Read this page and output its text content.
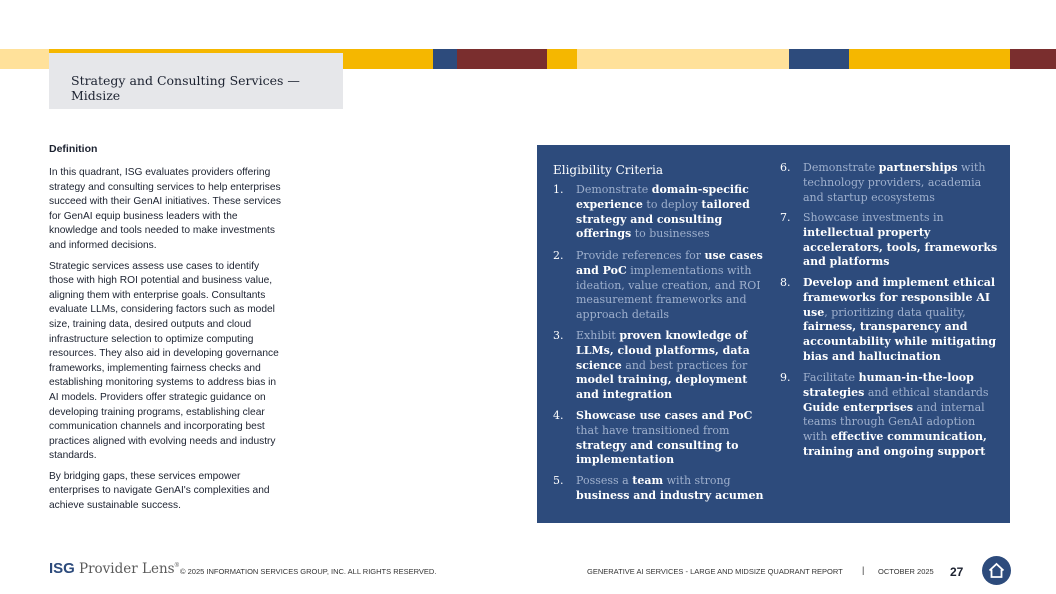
Strategy and Consulting Services — Midsize
Definition

In this quadrant, ISG evaluates providers offering strategy and consulting services to help enterprises succeed with their GenAI initiatives. These services for GenAI equip business leaders with the knowledge and tools needed to make investments and informed decisions.

Strategic services assess use cases to identify those with high ROI potential and business value, aligning them with enterprise goals. Consultants evaluate LLMs, considering factors such as model size, training data, desired outputs and cloud infrastructure selection to optimize computing resources. They also aid in developing governance frameworks, implementing fairness checks and establishing monitoring systems to address bias in AI models. Providers offer strategic guidance on developing training programs, establishing clear communication channels and incorporating best practices aligned with evolving needs and industry standards.

By bridging gaps, these services empower enterprises to navigate GenAI's complexities and achieve sustainable success.

Eligibility Criteria
1. Demonstrate domain-specific experience to deploy tailored strategy and consulting offerings to businesses
2. Provide references for use cases and PoC implementations with ideation, value creation, and ROI measurement frameworks and approach details
3. Exhibit proven knowledge of LLMs, cloud platforms, data science and best practices for model training, deployment and integration
4. Showcase use cases and PoC that have transitioned from strategy and consulting to implementation
5. Possess a team with strong business and industry acumen
6. Demonstrate partnerships with technology providers, academia and startup ecosystems
7. Showcase investments in intellectual property accelerators, tools, frameworks and platforms
8. Develop and implement ethical frameworks for responsible AI use, prioritizing data quality, fairness, transparency and accountability while mitigating bias and hallucination
9. Facilitate human-in-the-loop strategies and ethical standards Guide enterprises and internal teams through GenAI adoption with effective communication, training and ongoing support
ISG Provider Lens®
© 2025 INFORMATION SERVICES GROUP, INC. ALL RIGHTS RESERVED.	GENERATIVE AI SERVICES - LARGE AND MIDSIZE QUADRANT REPORT | OCTOBER 2025 27
